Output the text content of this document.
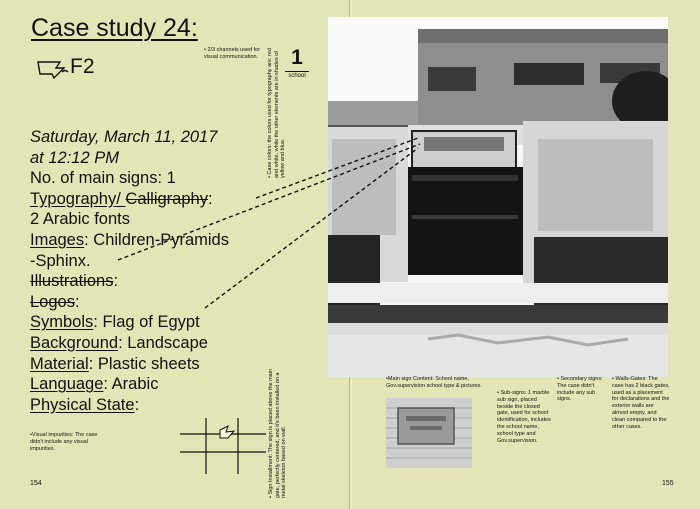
Case study 24:
F2
• 2/3 channels used for visual communication.	1
school
Saturday, March 11, 2017
at 12:12 PM
No. of main signs: 1
Typography/ Calligraphy:
2 Arabic fonts
Images: Children-Pyramids
-Sphinx.
Illustrations:
Logos:
Symbols: Flag of Egypt
Background: Landscape
Material: Plastic sheets
Language: Arabic
Physical State:
• Case colors: the colors used for typography are: red and white, while the other elements are in shades of yellow and blue.
• Sign Installment: The sign is placed above the main gate, perfectly centered, and it's been installed on a metal skeleton based on wall.
•Visual impurities: The case didn't include any visual impurities.
154
•Main sign Content: School name, Gov.supervision school type & pictures.
• Sub-signs: 1 marble sub sign, placed beside the closed gate, used for school identification, includes the school name, school type and Gov.supervision.
• Secondary signs: The case didn't include any sub signs.
• Walls-Gates: The case has 2 black gates, used as a placement for declarations and the exterior walls are almost empty, and clean compared to the other cases.
155
